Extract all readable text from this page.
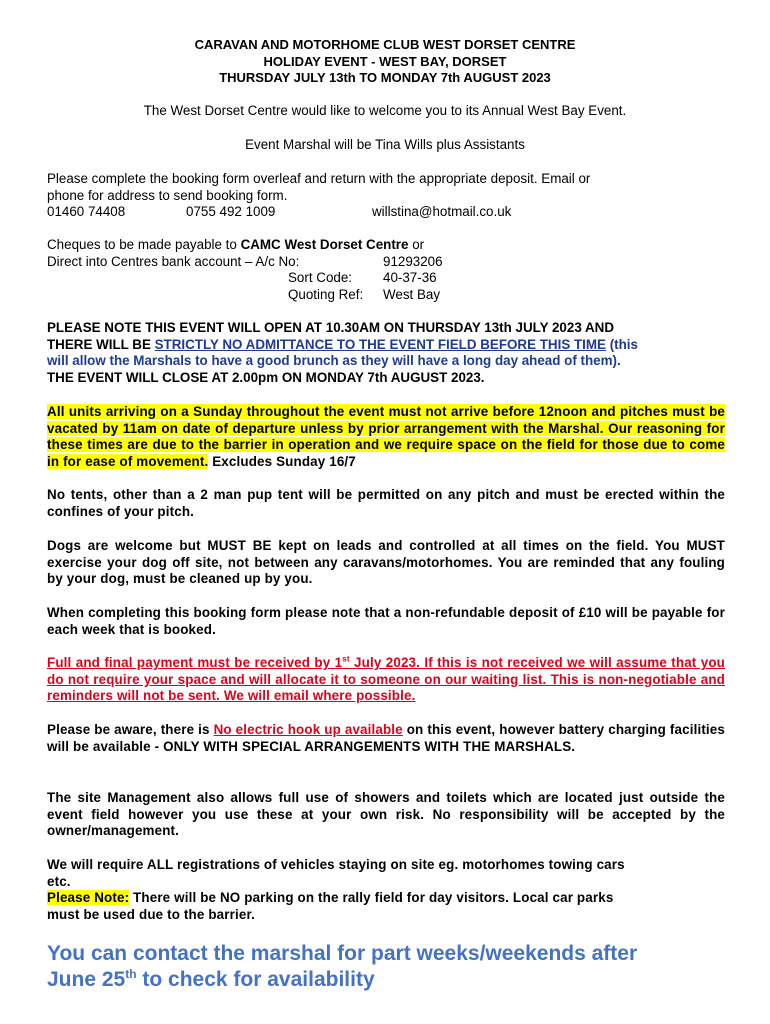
CARAVAN AND MOTORHOME CLUB WEST DORSET CENTRE
HOLIDAY EVENT - WEST BAY, DORSET
THURSDAY JULY 13th TO MONDAY 7th AUGUST 2023
The West Dorset Centre would like to welcome you to its Annual West Bay Event.
Event Marshal will be Tina Wills plus Assistants
Please complete the booking form overleaf and return with the appropriate deposit. Email or
phone for address to send booking form.
01460 74408	0755 492 1009	willstina@hotmail.co.uk
Cheques to be made payable to CAMC West Dorset Centre or
Direct into Centres bank account – A/c No:	91293206
Sort Code: 40-37-36
Quoting Ref: West Bay
PLEASE NOTE THIS EVENT WILL OPEN AT 10.30AM ON THURSDAY 13th JULY 2023 AND
THERE WILL BE STRICTLY NO ADMITTANCE TO THE EVENT FIELD BEFORE THIS TIME (this
will allow the Marshals to have a good brunch as they will have a long day ahead of them).
THE EVENT WILL CLOSE AT 2.00pm ON MONDAY 7th AUGUST 2023.
All units arriving on a Sunday throughout the event must not arrive before 12noon and pitches must be vacated by 11am on date of departure unless by prior arrangement with the Marshal. Our reasoning for these times are due to the barrier in operation and we require space on the field for those due to come in for ease of movement. Excludes Sunday 16/7
No tents, other than a 2 man pup tent will be permitted on any pitch and must be erected within the confines of your pitch.
Dogs are welcome but MUST BE kept on leads and controlled at all times on the field. You MUST exercise your dog off site, not between any caravans/motorhomes. You are reminded that any fouling by your dog, must be cleaned up by you.
When completing this booking form please note that a non-refundable deposit of £10 will be payable for each week that is booked.
Full and final payment must be received by 1st July 2023. If this is not received we will assume that you do not require your space and will allocate it to someone on our waiting list. This is non-negotiable and reminders will not be sent. We will email where possible.
Please be aware, there is No electric hook up available on this event, however battery charging facilities will be available - ONLY WITH SPECIAL ARRANGEMENTS WITH THE MARSHALS.
The site Management also allows full use of showers and toilets which are located just outside the event field however you use these at your own risk. No responsibility will be accepted by the owner/management.
We will require ALL registrations of vehicles staying on site eg. motorhomes towing cars
etc.
Please Note: There will be NO parking on the rally field for day visitors. Local car parks
must be used due to the barrier.
You can contact the marshal for part weeks/weekends after
June 25th to check for availability
